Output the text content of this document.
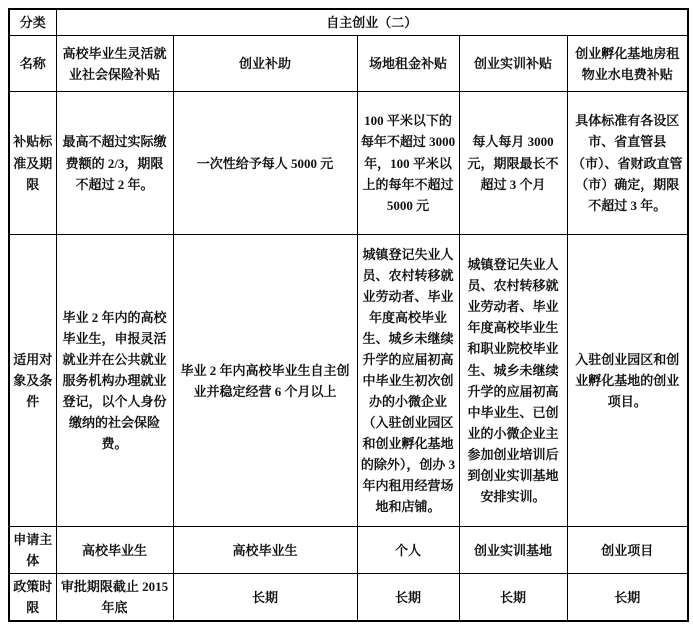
分类	自主创业（二）				
名称	高校毕业生灵活就业社会保险补贴	创业补助	场地租金补贴	创业实训补贴	创业孵化基地房租物业水电费补贴
补贴标准及期限	最高不超过实际缴费额的 2/3，期限不超过 2 年。	一次性给予每人 5000 元	100 平米以下的每年不超过 3000 年，100 平米以上的每年不超过 5000 元	每人每月 3000 元，期限最长不超过 3 个月	具体标准有各设区市、省直管县（市）、省财政直管（市）确定，期限不超过 3 年。
适用对象及条件	毕业 2 年内的高校毕业生，申报灵活就业并在公共就业服务机构办理就业登记，以个人身份缴纳的社会保险费。	毕业 2 年内高校毕业生自主创业并稳定经营 6 个月以上	城镇登记失业人员、农村转移就业劳动者、毕业年度高校毕业生、城乡未继续升学的应届初高中毕业生初次创办的小微企业（入驻创业园区和创业孵化基地的除外），创办 3 年内租用经营场地和店铺。	城镇登记失业人员、农村转移就业劳动者、毕业年度高校毕业生和职业院校毕业生、城乡未继续升学的应届初高中毕业生、已创业的小微企业主参加创业培训后到创业实训基地安排实训。	入驻创业园区和创业孵化基地的创业项目。
申请主体	高校毕业生	高校毕业生	个人	创业实训基地	创业项目
政策时限	审批期限截止 2015 年底	长期	长期	长期	长期
